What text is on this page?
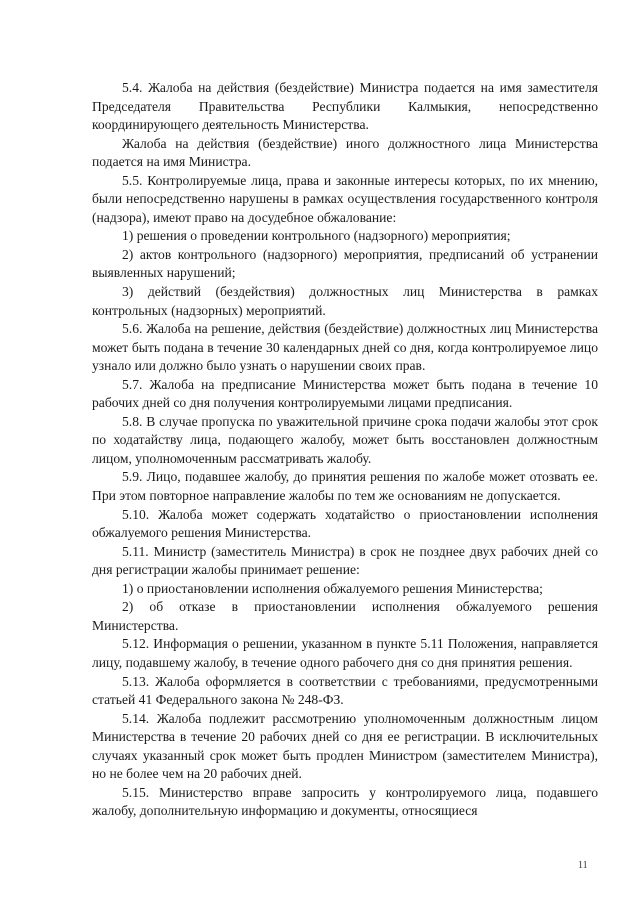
5.4. Жалоба на действия (бездействие) Министра подается на имя заместителя Председателя Правительства Республики Калмыкия, непосредственно координирующего деятельность Министерства.

Жалоба на действия (бездействие) иного должностного лица Министерства подается на имя Министра.

5.5. Контролируемые лица, права и законные интересы которых, по их мнению, были непосредственно нарушены в рамках осуществления государственного контроля (надзора), имеют право на досудебное обжалование:

1) решения о проведении контрольного (надзорного) мероприятия;

2) актов контрольного (надзорного) мероприятия, предписаний об устранении выявленных нарушений;

3) действий (бездействия) должностных лиц Министерства в рамках контрольных (надзорных) мероприятий.

5.6. Жалоба на решение, действия (бездействие) должностных лиц Министерства может быть подана в течение 30 календарных дней со дня, когда контролируемое лицо узнало или должно было узнать о нарушении своих прав.

5.7. Жалоба на предписание Министерства может быть подана в течение 10 рабочих дней со дня получения контролируемыми лицами предписания.

5.8. В случае пропуска по уважительной причине срока подачи жалобы этот срок по ходатайству лица, подающего жалобу, может быть восстановлен должностным лицом, уполномоченным рассматривать жалобу.

5.9. Лицо, подавшее жалобу, до принятия решения по жалобе может отозвать ее. При этом повторное направление жалобы по тем же основаниям не допускается.

5.10. Жалоба может содержать ходатайство о приостановлении исполнения обжалуемого решения Министерства.

5.11. Министр (заместитель Министра) в срок не позднее двух рабочих дней со дня регистрации жалобы принимает решение:

1) о приостановлении исполнения обжалуемого решения Министерства;

2) об отказе в приостановлении исполнения обжалуемого решения Министерства.

5.12. Информация о решении, указанном в пункте 5.11 Положения, направляется лицу, подавшему жалобу, в течение одного рабочего дня со дня принятия решения.

5.13. Жалоба оформляется в соответствии с требованиями, предусмотренными статьей 41 Федерального закона № 248-ФЗ.

5.14. Жалоба подлежит рассмотрению уполномоченным должностным лицом Министерства в течение 20 рабочих дней со дня ее регистрации. В исключительных случаях указанный срок может быть продлен Министром (заместителем Министра), но не более чем на 20 рабочих дней.

5.15. Министерство вправе запросить у контролируемого лица, подавшего жалобу, дополнительную информацию и документы, относящиеся

11
